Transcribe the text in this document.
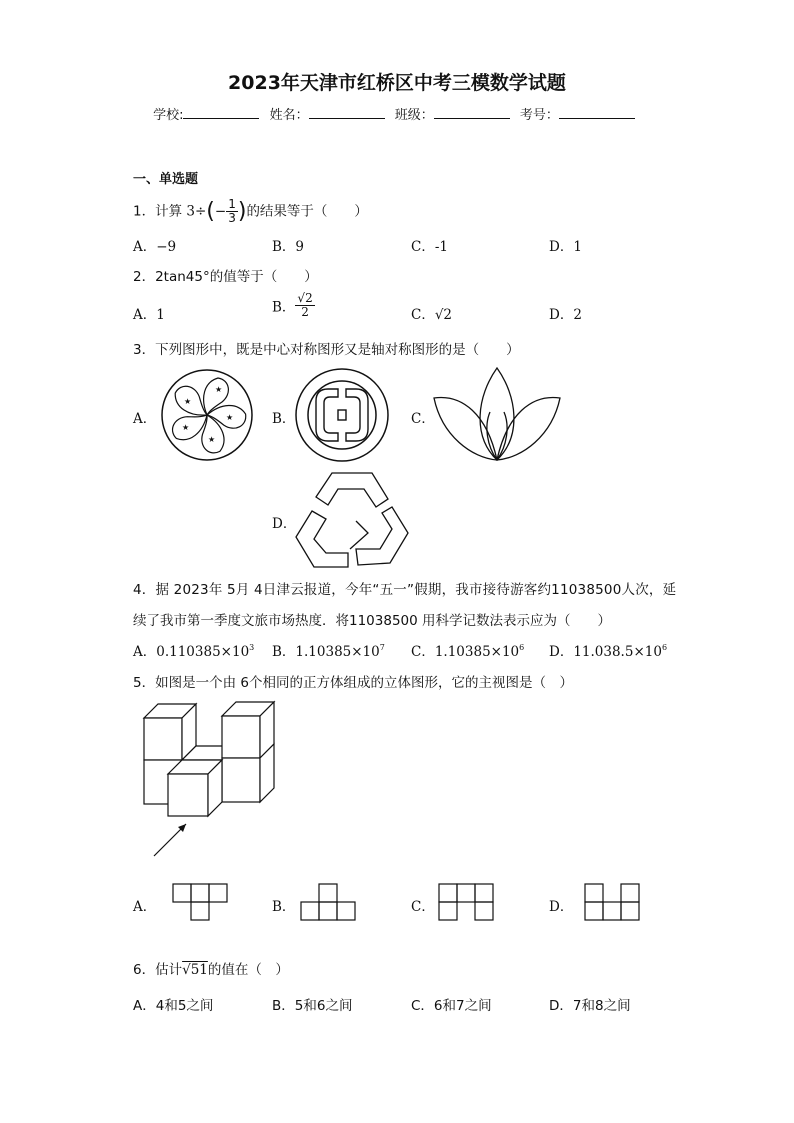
2023年天津市红桥区中考三模数学试题
学校:	姓名：	班级：	考号：
一、单选题
1．计算 $3\div(- \frac{1}{3}$ )的结果等于（　　）
A．−9	B．9	C．-1	D．1
2．2tan45°的值等于（　　）
A．1	B． $\frac{√2}{2}$	C．√2	D．2
3．下列图形中，既是中心对称图形又是轴对称图形的是（　　）
A．	B．	C．
D．
★
★
★
★
★
4．据 2023年 5月 4日津云报道，今年“五一”假期，我市接待游客约11038500人次，延
续了我市第一季度文旅市场热度．将11038500 用科学记数法表示应为（　　）
A．$0.110385\times 10^3$ B．$1.10385\times 10^7$ C．$1.10385\times 10^6$ D．$11.038.5\times 10^6$
5．如图是一个由 6个相同的正方体组成的立体图形，它的主视图是（　）
A．	B．	C．	D．
6．估计√51的值在（　）
A．4和5之间	B．5和6之间	C．6和7之间	D．7和8之间
